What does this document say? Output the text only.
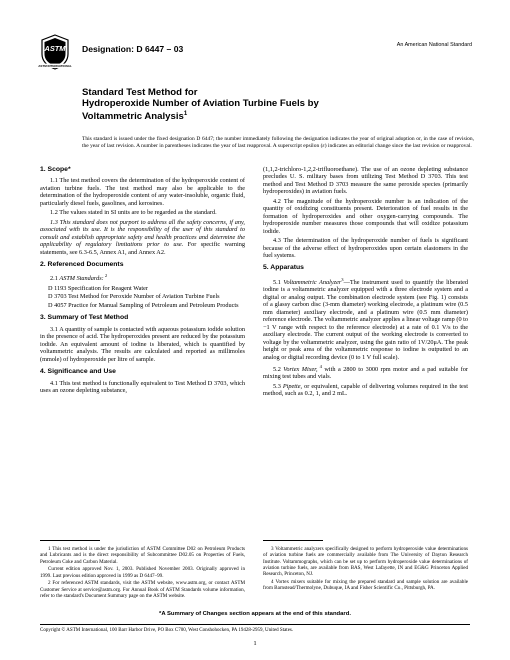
ASTM
ASTM INTERNATIONAL
Designation: D 6447 – 03	An American National Standard
Standard Test Method for
Hydroperoxide Number of Aviation Turbine Fuels by
Voltammetric Analysis$^1$
This standard is issued under the fixed designation D 6447; the number immediately following the designation indicates the year of original adoption or, in the case of revision, the year of last revision. A number in parentheses indicates the year of last reapproval. A superscript epsilon (ε) indicates an editorial change since the last revision or reapproval.
1. Scope*

1.1 The test method covers the determination of the hydroperoxide content of aviation turbine fuels. The test method may also be applicable to the determination of the hydroperoxide content of any water-insoluble, organic fluid, particularly diesel fuels, gasolines, and kerosines.

1.2 The values stated in SI units are to be regarded as the standard.

1.3 This standard does not purport to address all the safety concerns, if any, associated with its use. It is the responsibility of the user of this standard to consult and establish appropriate safety and health practices and determine the applicability of regulatory limitations prior to use. For specific warning statements, see 6.3-6.5, Annex A1, and Annex A2.

2. Referenced Documents

2.1 ASTM Standards: $^2$

D 1193 Specification for Reagent Water
D 3703 Test Method for Peroxide Number of Aviation Turbine Fuels
D 4057 Practice for Manual Sampling of Petroleum and Petroleum Products
3. Summary of Test Method

3.1 A quantity of sample is contacted with aqueous potassium iodide solution in the presence of acid. The hydroperoxides present are reduced by the potassium iodide. An equivalent amount of iodine is liberated, which is quantified by voltammetric analysis. The results are calculated and reported as millimoles (mmole) of hydroperoxide per litre of sample.

4. Significance and Use

4.1 This test method is functionally equivalent to Test Method D 3703, which uses an ozone depleting substance,

(1,1,2-trichloro-1,2,2-trifluoroethane). The use of an ozone depleting substance precludes U. S. military bases from utilizing Test Method D 3703. This test method and Test Method D 3703 measure the same peroxide species (primarily hydroperoxides) in aviation fuels.

4.2 The magnitude of the hydroperoxide number is an indication of the quantity of oxidizing constituents present. Deterioration of fuel results in the formation of hydroperoxides and other oxygen-carrying compounds. The hydroperoxide number measures those compounds that will oxidize potassium iodide.

4.3 The determination of the hydroperoxide number of fuels is significant because of the adverse effect of hydroperoxides upon certain elastomers in the fuel systems.

5. Apparatus

5.1 Voltammetric Analyzer$^3$—The instrument used to quantify the liberated iodine is a voltammetric analyzer equipped with a three electrode system and a digital or analog output. The combination electrode system (see Fig. 1) consists of a glassy carbon disc (3-mm diameter) working electrode, a platinum wire (0.5 mm diameter) auxiliary electrode, and a platinum wire (0.5 mm diameter) reference electrode. The voltammetric analyzer applies a linear voltage ramp (0 to −1 V range with respect to the reference electrode) at a rate of 0.1 V/s to the auxiliary electrode. The current output of the working electrode is converted to voltage by the voltammetric analyzer, using the gain ratio of 1V/20μA. The peak height or peak area of the voltammetric response to iodine is outputted to an analog or digital recording device (0 to 1 V full scale).

5.2 Vortex Mixer, $^4$ with a 2800 to 3000 rpm motor and a pad suitable for mixing test tubes and vials.

5.3 Pipette, or equivalent, capable of delivering volumes required in the test method, such as 0.2, 1, and 2 mL.

1 This test method is under the jurisdiction of ASTM Committee D02 on Petroleum Products and Lubricants and is the direct responsibility of Subcommittee D02.05 on Properties of Fuels, Petroleum Coke and Carbon Material.

Current edition approved Nov. 1, 2003. Published November 2003. Originally approved in 1999. Last previous edition approved in 1999 as D 6447–99.

2 For referenced ASTM standards, visit the ASTM website, www.astm.org, or contact ASTM Customer Service at service@astm.org. For Annual Book of ASTM Standards volume information, refer to the standard's Document Summary page on the ASTM website.

3 Voltammetric analyzers specifically designed to perform hydroperoxide value determinations of aviation turbine fuels are commercially available from The University of Dayton Research Institute. Voltammographs, which can be set up to perform hydroperoxide value determinations of aviation turbine fuels, are available from BAS, West Lafayette, IN and EG&G Princeton Applied Research, Princeton, NJ.

4 Vortex mixers suitable for mixing the prepared standard and sample solution are available from Barnstead/Thermolyne, Dubuque, IA and Fisher Scientific Co., Pittsburgh, PA.

*A Summary of Changes section appears at the end of this standard.
Copyright © ASTM International, 100 Barr Harbor Drive, PO Box C700, West Conshohocken, PA 19428-2959, United States.
1
